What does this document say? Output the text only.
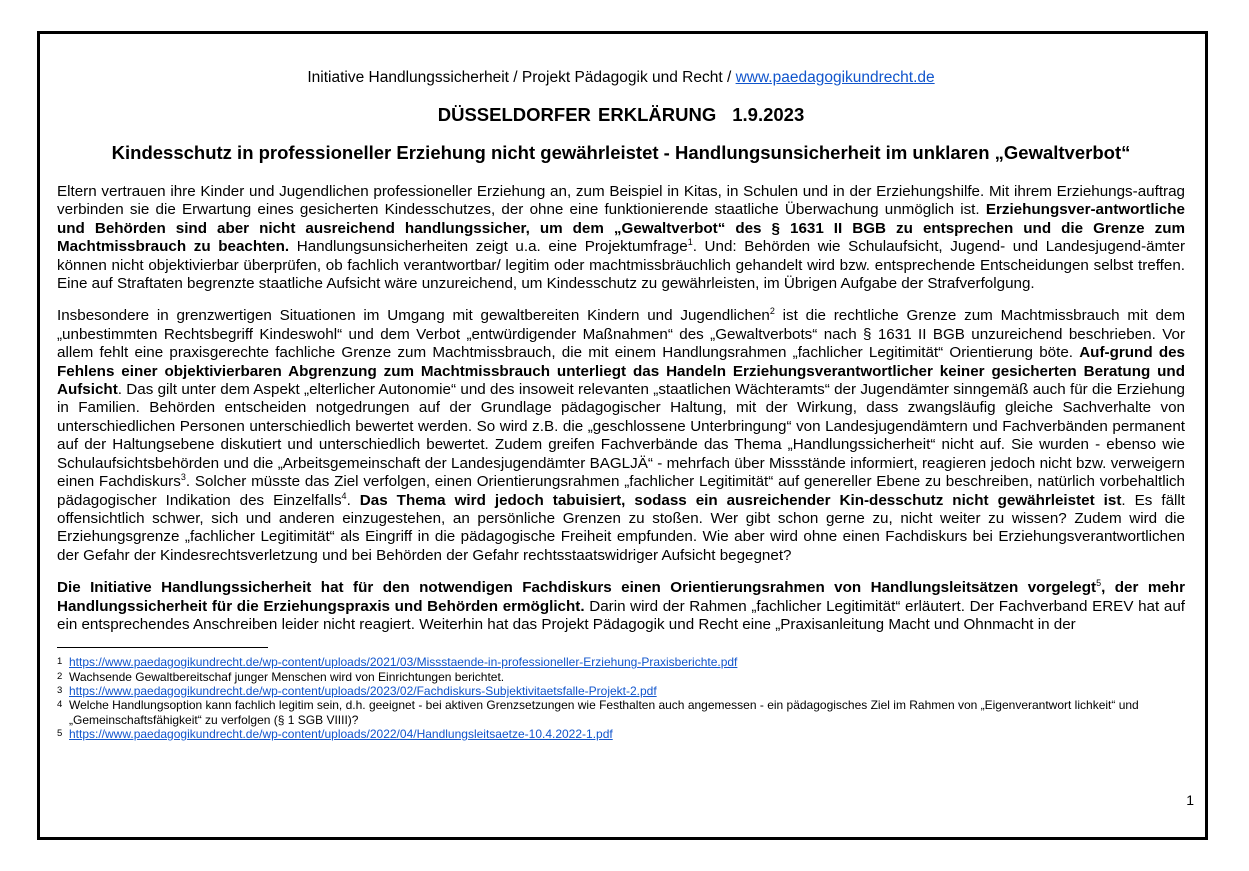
Initiative Handlungssicherheit / Projekt Pädagogik und Recht / www.paedagogikundrecht.de
DÜSSELDORFER ERKLÄRUNG 1.9.2023
Kindesschutz in professioneller Erziehung nicht gewährleistet - Handlungsunsicherheit im unklaren „Gewaltverbot“
Eltern vertrauen ihre Kinder und Jugendlichen professioneller Erziehung an, zum Beispiel in Kitas, in Schulen und in der Erziehungshilfe. Mit ihrem Erziehungs-auftrag verbinden sie die Erwartung eines gesicherten Kindesschutzes, der ohne eine funktionierende staatliche Überwachung unmöglich ist. Erziehungsver-antwortliche und Behörden sind aber nicht ausreichend handlungssicher, um dem „Gewaltverbot“ des § 1631 II BGB zu entsprechen und die Grenze zum Machtmissbrauch zu beachten. Handlungsunsicherheiten zeigt u.a. eine Projektumfrage$^1$. Und: Behörden wie Schulaufsicht, Jugend- und Landesjugend-ämter können nicht objektivierbar überprüfen, ob fachlich verantwortbar/ legitim oder machtmissbräuchlich gehandelt wird bzw. entsprechende Entscheidungen selbst treffen. Eine auf Straftaten begrenzte staatliche Aufsicht wäre unzureichend, um Kindesschutz zu gewährleisten, im Übrigen Aufgabe der Strafverfolgung.
Insbesondere in grenzwertigen Situationen im Umgang mit gewaltbereiten Kindern und Jugendlichen$^2$ ist die rechtliche Grenze zum Machtmissbrauch mit dem „unbestimmten Rechtsbegriff Kindeswohl“ und dem Verbot „entwürdigender Maßnahmen“ des „Gewaltverbots“ nach § 1631 II BGB unzureichend beschrieben. Vor allem fehlt eine praxisgerechte fachliche Grenze zum Machtmissbrauch, die mit einem Handlungsrahmen „fachlicher Legitimität“ Orientierung böte. Auf-grund des Fehlens einer objektivierbaren Abgrenzung zum Machtmissbrauch unterliegt das Handeln Erziehungsverantwortlicher keiner gesicherten Beratung und Aufsicht. Das gilt unter dem Aspekt „elterlicher Autonomie“ und des insoweit relevanten „staatlichen Wächteramts“ der Jugendämter sinngemäß auch für die Erziehung in Familien. Behörden entscheiden notgedrungen auf der Grundlage pädagogischer Haltung, mit der Wirkung, dass zwangsläufig gleiche Sachverhalte von unterschiedlichen Personen unterschiedlich bewertet werden. So wird z.B. die „geschlossene Unterbringung“ von Landesjugendämtern und Fachverbänden permanent auf der Haltungsebene diskutiert und unterschiedlich bewertet. Zudem greifen Fachverbände das Thema „Handlungssicherheit“ nicht auf. Sie wurden - ebenso wie Schulaufsichtsbehörden und die „Arbeitsgemeinschaft der Landesjugendämter BAGLJÄ“ - mehrfach über Missstände informiert, reagieren jedoch nicht bzw. verweigern einen Fachdiskurs$^3$. Solcher müsste das Ziel verfolgen, einen Orientierungsrahmen „fachlicher Legitimität“ auf genereller Ebene zu beschreiben, natürlich vorbehaltlich pädagogischer Indikation des Einzelfalls$^4$. Das Thema wird jedoch tabuisiert, sodass ein ausreichender Kin-desschutz nicht gewährleistet ist. Es fällt offensichtlich schwer, sich und anderen einzugestehen, an persönliche Grenzen zu stoßen. Wer gibt schon gerne zu, nicht weiter zu wissen? Zudem wird die Erziehungsgrenze „fachlicher Legitimität“ als Eingriff in die pädagogische Freiheit empfunden. Wie aber wird ohne einen Fachdiskurs bei Erziehungsverantwortlichen der Gefahr der Kindesrechtsverletzung und bei Behörden der Gefahr rechtsstaatswidriger Aufsicht begegnet?
Die Initiative Handlungssicherheit hat für den notwendigen Fachdiskurs einen Orientierungsrahmen von Handlungsleitsätzen vorgelegt$^5$, der mehr Handlungssicherheit für die Erziehungspraxis und Behörden ermöglicht. Darin wird der Rahmen „fachlicher Legitimität“ erläutert. Der Fachverband EREV hat auf ein entsprechendes Anschreiben leider nicht reagiert. Weiterhin hat das Projekt Pädagogik und Recht eine „Praxisanleitung Macht und Ohnmacht in der
1 https://www.paedagogikundrecht.de/wp-content/uploads/2021/03/Missstaende-in-professioneller-Erziehung-Praxisberichte.pdf
2 Wachsende Gewaltbereitschaf junger Menschen wird von Einrichtungen berichtet.
3 https://www.paedagogikundrecht.de/wp-content/uploads/2023/02/Fachdiskurs-Subjektivitaetsfalle-Projekt-2.pdf
4 Welche Handlungsoption kann fachlich legitim sein, d.h. geeignet - bei aktiven Grenzsetzungen wie Festhalten auch angemessen - ein pädagogisches Ziel im Rahmen von „Eigenverantwort lichkeit“ und „Gemeinschaftsfähigkeit“ zu verfolgen (§ 1 SGB VIIII)?
5 https://www.paedagogikundrecht.de/wp-content/uploads/2022/04/Handlungsleitsaetze-10.4.2022-1.pdf
1
